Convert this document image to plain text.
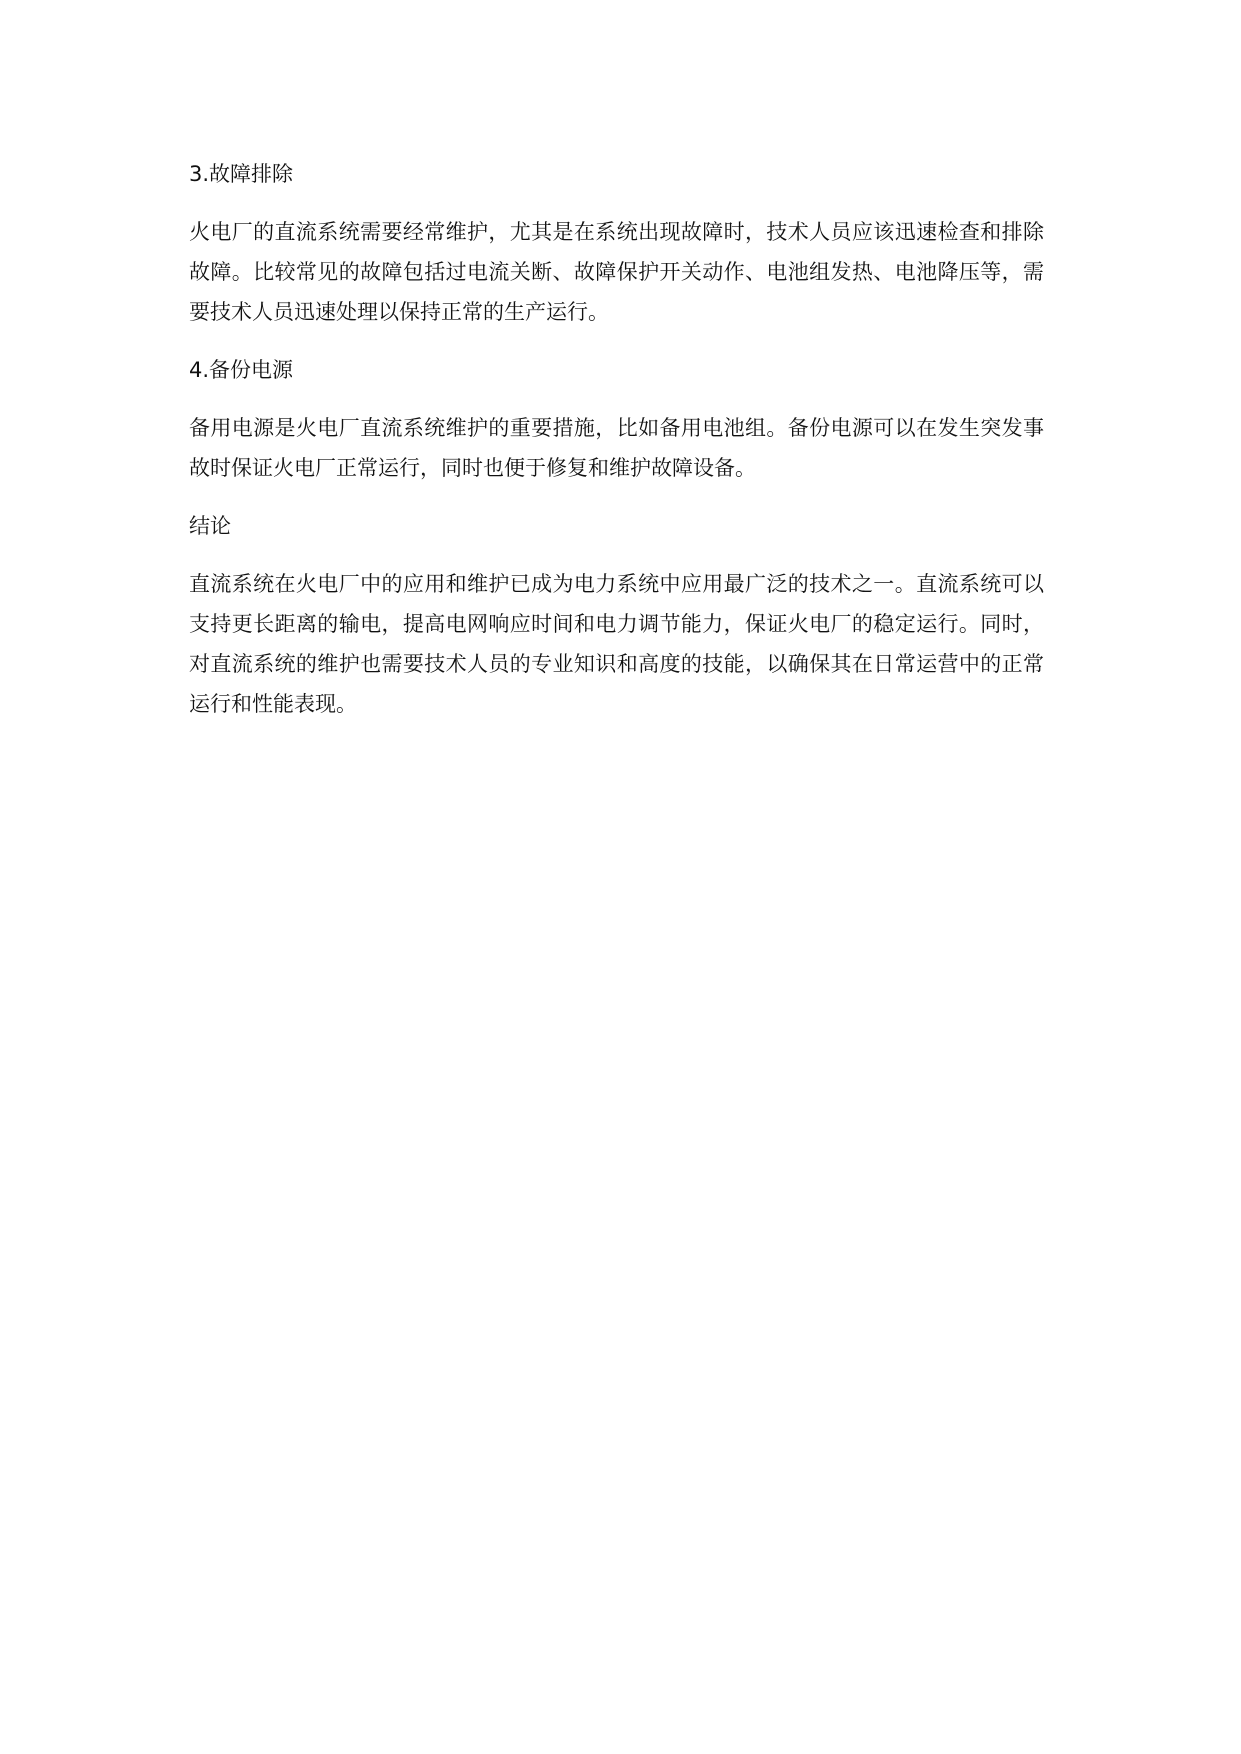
3.故障排除
火电厂的直流系统需要经常维护，尤其是在系统出现故障时，技术人员应该迅速检查和排除故障。比较常见的故障包括过电流关断、故障保护开关动作、电池组发热、电池降压等，需要技术人员迅速处理以保持正常的生产运行。
4.备份电源
备用电源是火电厂直流系统维护的重要措施，比如备用电池组。备份电源可以在发生突发事故时保证火电厂正常运行，同时也便于修复和维护故障设备。
结论
直流系统在火电厂中的应用和维护已成为电力系统中应用最广泛的技术之一。直流系统可以支持更长距离的输电，提高电网响应时间和电力调节能力，保证火电厂的稳定运行。同时，对直流系统的维护也需要技术人员的专业知识和高度的技能，以确保其在日常运营中的正常运行和性能表现。
